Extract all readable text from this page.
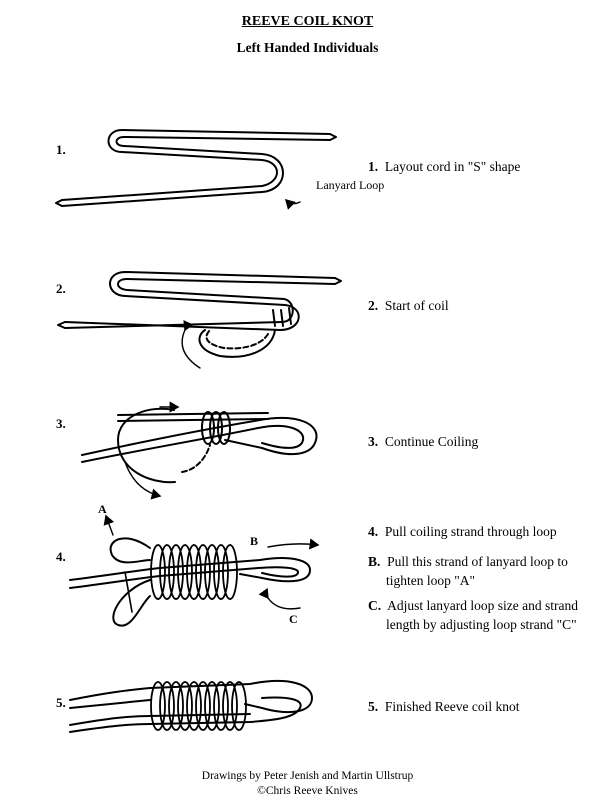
REEVE COIL KNOT
Left Handed Individuals
1.
2.
3.
4.
5.
1. Layout cord in "S" shape
2. Start of coil
3. Continue Coiling
4. Pull coiling strand through loop
B. Pull this strand of lanyard loop to tighten loop "A"
C. Adjust lanyard loop size and strand length by adjusting loop strand "C"
5. Finished Reeve coil knot
Lanyard Loop
A
B
C
Drawings by Peter Jenish and Martin Ullstrup
©Chris Reeve Knives
